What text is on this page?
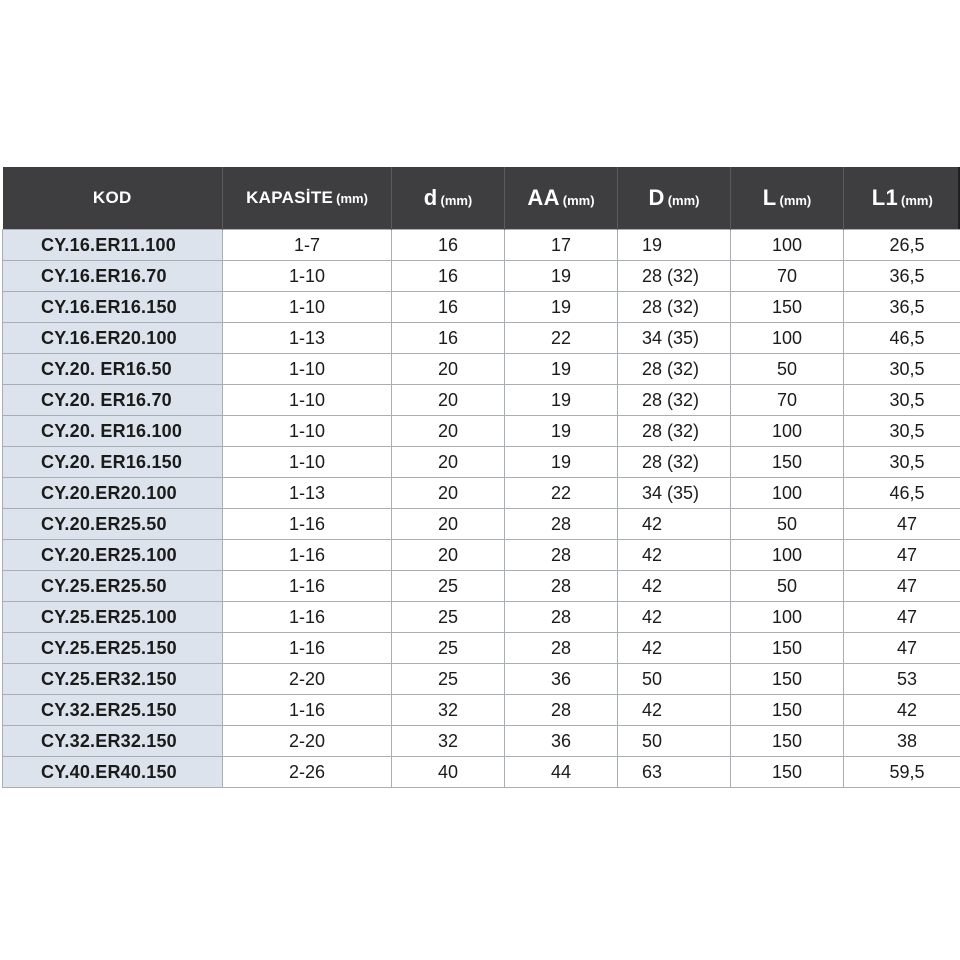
KOD	KAPASİTE (mm)	d (mm)	AA (mm)	D (mm)	L (mm)	L1 (mm)
CY.16.ER11.100	1-7	16	17	19	100	26,5
CY.16.ER16.70	1-10	16	19	28 (32)	70	36,5
CY.16.ER16.150	1-10	16	19	28 (32)	150	36,5
CY.16.ER20.100	1-13	16	22	34 (35)	100	46,5
CY.20. ER16.50	1-10	20	19	28 (32)	50	30,5
CY.20. ER16.70	1-10	20	19	28 (32)	70	30,5
CY.20. ER16.100	1-10	20	19	28 (32)	100	30,5
CY.20. ER16.150	1-10	20	19	28 (32)	150	30,5
CY.20.ER20.100	1-13	20	22	34 (35)	100	46,5
CY.20.ER25.50	1-16	20	28	42	50	47
CY.20.ER25.100	1-16	20	28	42	100	47
CY.25.ER25.50	1-16	25	28	42	50	47
CY.25.ER25.100	1-16	25	28	42	100	47
CY.25.ER25.150	1-16	25	28	42	150	47
CY.25.ER32.150	2-20	25	36	50	150	53
CY.32.ER25.150	1-16	32	28	42	150	42
CY.32.ER32.150	2-20	32	36	50	150	38
CY.40.ER40.150	2-26	40	44	63	150	59,5
